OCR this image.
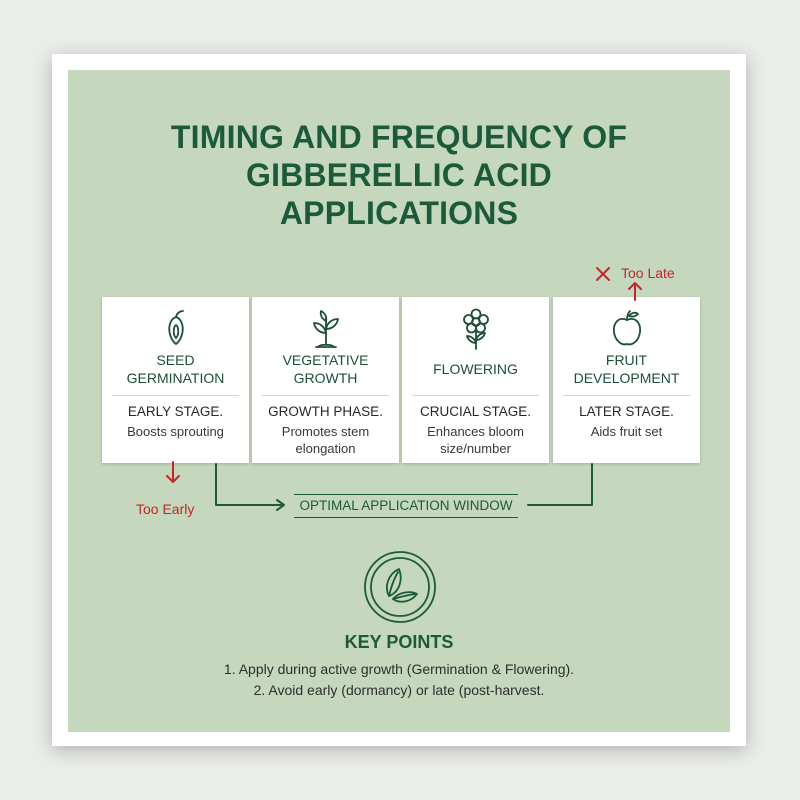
TIMING AND FREQUENCY OF
GIBBERELLIC ACID
APPLICATIONS
SEED
GERMINATION
EARLY STAGE.
Boosts sprouting

VEGETATIVE GROWTH
GROWTH PHASE.
Promotes stem
elongation
FLOWERING
CRUCIAL STAGE.
Enhances bloom
size/number
FRUIT
DEVELOPMENT
LATER STAGE.
Aids fruit set

Too Early
Too Late
OPTIMAL APPLICATION WINDOW
KEY POINTS
1. Apply during active growth (Germination & Flowering).
2. Avoid early (dormancy) or late (post-harvest.
